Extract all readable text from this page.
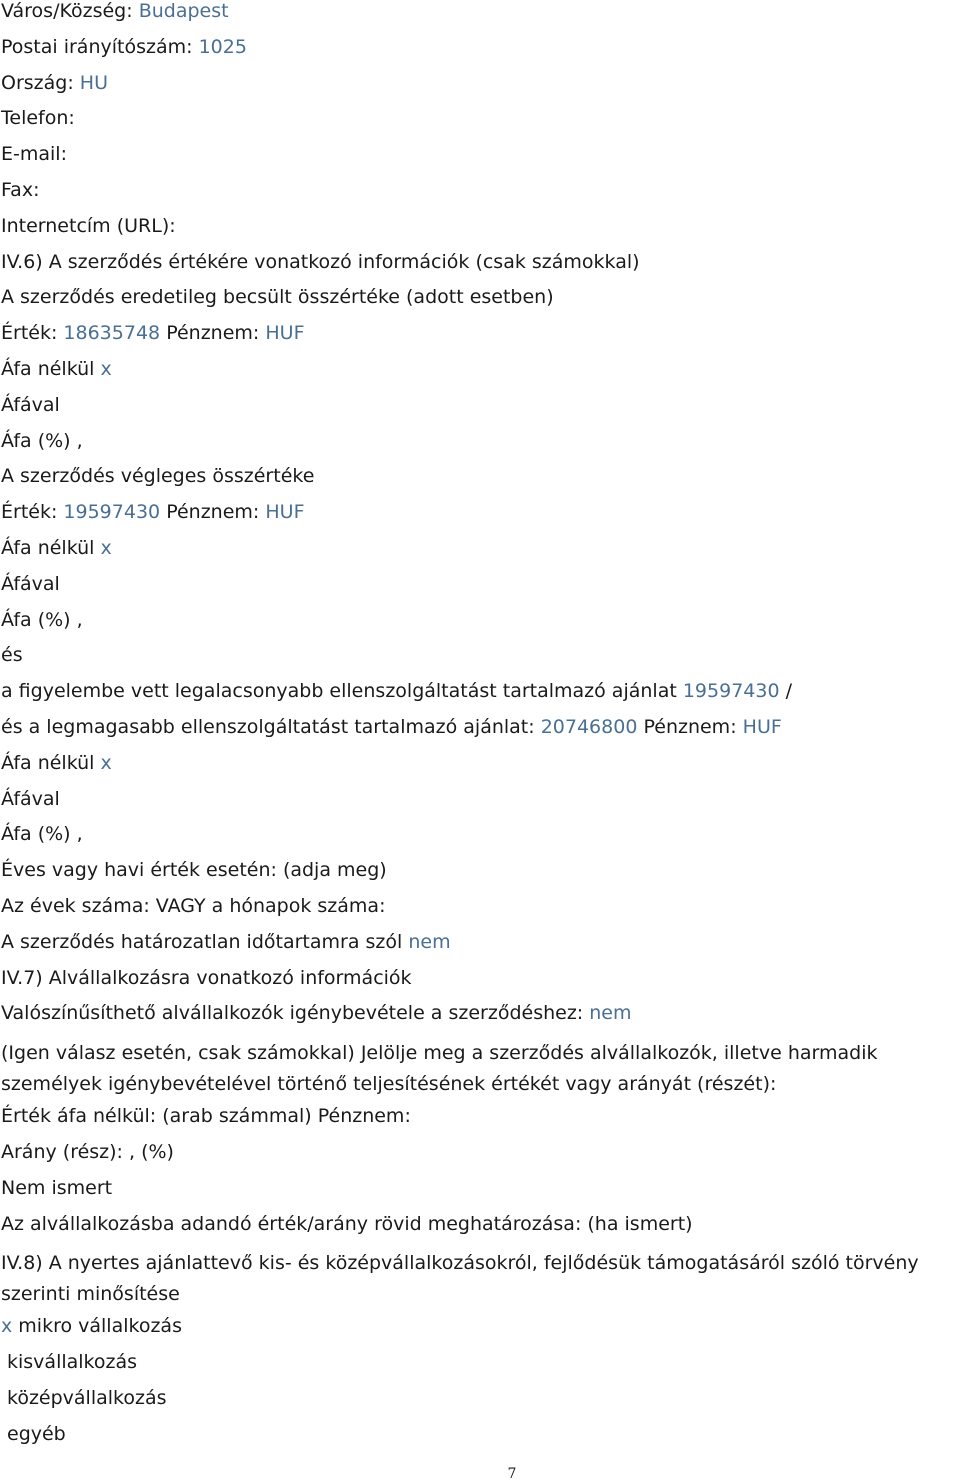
Város/Község: Budapest
Postai irányítószám: 1025
Ország: HU
Telefon:
E-mail:
Fax:
Internetcím (URL):
IV.6) A szerződés értékére vonatkozó információk (csak számokkal)
A szerződés eredetileg becsült összértéke (adott esetben)
Érték: 18635748 Pénznem: HUF
Áfa nélkül x
Áfával
Áfa (%) ,
A szerződés végleges összértéke
Érték: 19597430 Pénznem: HUF
Áfa nélkül x
Áfával
Áfa (%) ,
és
a figyelembe vett legalacsonyabb ellenszolgáltatást tartalmazó ajánlat 19597430 /
és a legmagasabb ellenszolgáltatást tartalmazó ajánlat: 20746800 Pénznem: HUF
Áfa nélkül x
Áfával
Áfa (%) ,
Éves vagy havi érték esetén: (adja meg)
Az évek száma: VAGY a hónapok száma:
A szerződés határozatlan időtartamra szól nem
IV.7) Alvállalkozásra vonatkozó információk
Valószínűsíthető alvállalkozók igénybevétele a szerződéshez: nem
(Igen válasz esetén, csak számokkal) Jelölje meg a szerződés alvállalkozók, illetve harmadik személyek igénybevételével történő teljesítésének értékét vagy arányát (részét):
Érték áfa nélkül: (arab számmal) Pénznem:
Arány (rész): , (%)
Nem ismert
Az alvállalkozásba adandó érték/arány rövid meghatározása: (ha ismert)
IV.8) A nyertes ajánlattevő kis- és középvállalkozásokról, fejlődésük támogatásáról szóló törvény szerinti minősítése
x mikro vállalkozás
kisvállalkozás
középvállalkozás
egyéb
7
